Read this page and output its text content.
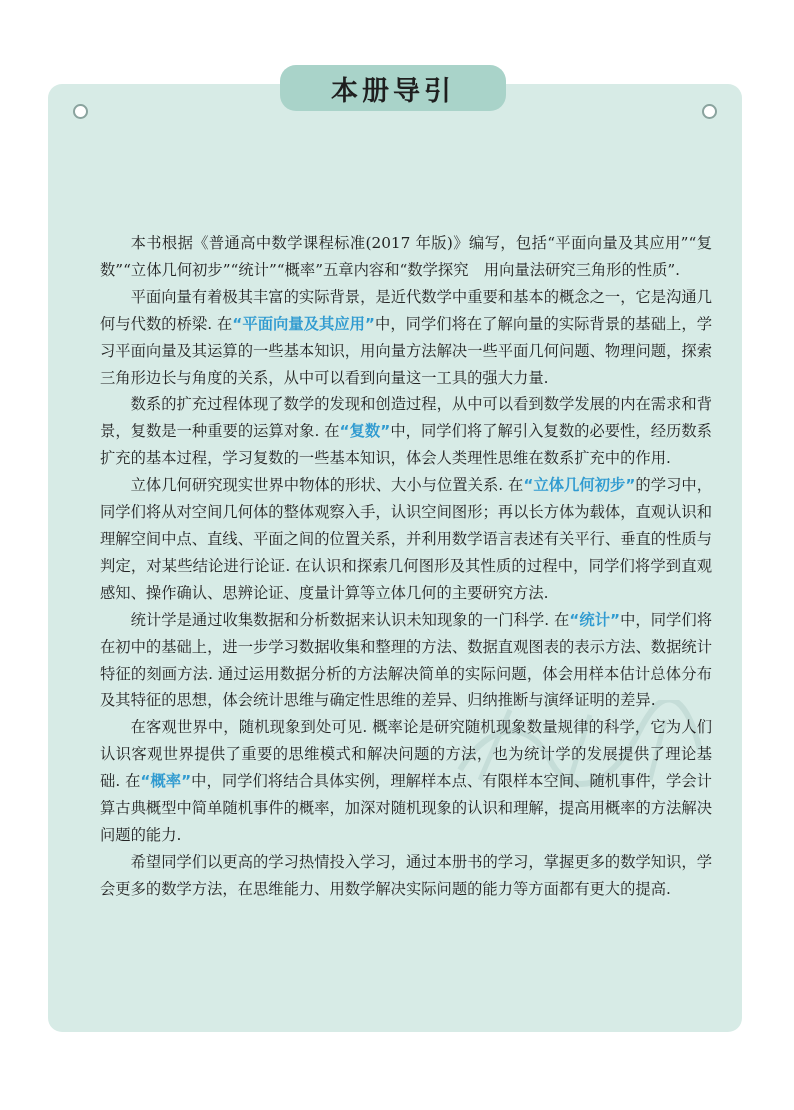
本册导引

本书根据《普通高中数学课程标准(2017 年版)》编写，包括“平面向量及其应用”“复数”“立体几何初步”“统计”“概率”五章内容和“数学探究　用向量法研究三角形的性质”.

平面向量有着极其丰富的实际背景，是近代数学中重要和基本的概念之一，它是沟通几何与代数的桥梁. 在“平面向量及其应用”中，同学们将在了解向量的实际背景的基础上，学习平面向量及其运算的一些基本知识，用向量方法解决一些平面几何问题、物理问题，探索三角形边长与角度的关系，从中可以看到向量这一工具的强大力量.

数系的扩充过程体现了数学的发现和创造过程，从中可以看到数学发展的内在需求和背景，复数是一种重要的运算对象. 在“复数”中，同学们将了解引入复数的必要性，经历数系扩充的基本过程，学习复数的一些基本知识，体会人类理性思维在数系扩充中的作用.

立体几何研究现实世界中物体的形状、大小与位置关系. 在“立体几何初步”的学习中，同学们将从对空间几何体的整体观察入手，认识空间图形；再以长方体为载体，直观认识和理解空间中点、直线、平面之间的位置关系，并利用数学语言表述有关平行、垂直的性质与判定，对某些结论进行论证. 在认识和探索几何图形及其性质的过程中，同学们将学到直观感知、操作确认、思辨论证、度量计算等立体几何的主要研究方法.

统计学是通过收集数据和分析数据来认识未知现象的一门科学. 在“统计”中，同学们将在初中的基础上，进一步学习数据收集和整理的方法、数据直观图表的表示方法、数据统计特征的刻画方法. 通过运用数据分析的方法解决简单的实际问题，体会用样本估计总体分布及其特征的思想，体会统计思维与确定性思维的差异、归纳推断与演绎证明的差异.

在客观世界中，随机现象到处可见. 概率论是研究随机现象数量规律的科学，它为人们认识客观世界提供了重要的思维模式和解决问题的方法，也为统计学的发展提供了理论基础. 在“概率”中，同学们将结合具体实例，理解样本点、有限样本空间、随机事件，学会计算古典概型中简单随机事件的概率，加深对随机现象的认识和理解，提高用概率的方法解决问题的能力.

希望同学们以更高的学习热情投入学习，通过本册书的学习，掌握更多的数学知识，学会更多的数学方法，在思维能力、用数学解决实际问题的能力等方面都有更大的提高.
